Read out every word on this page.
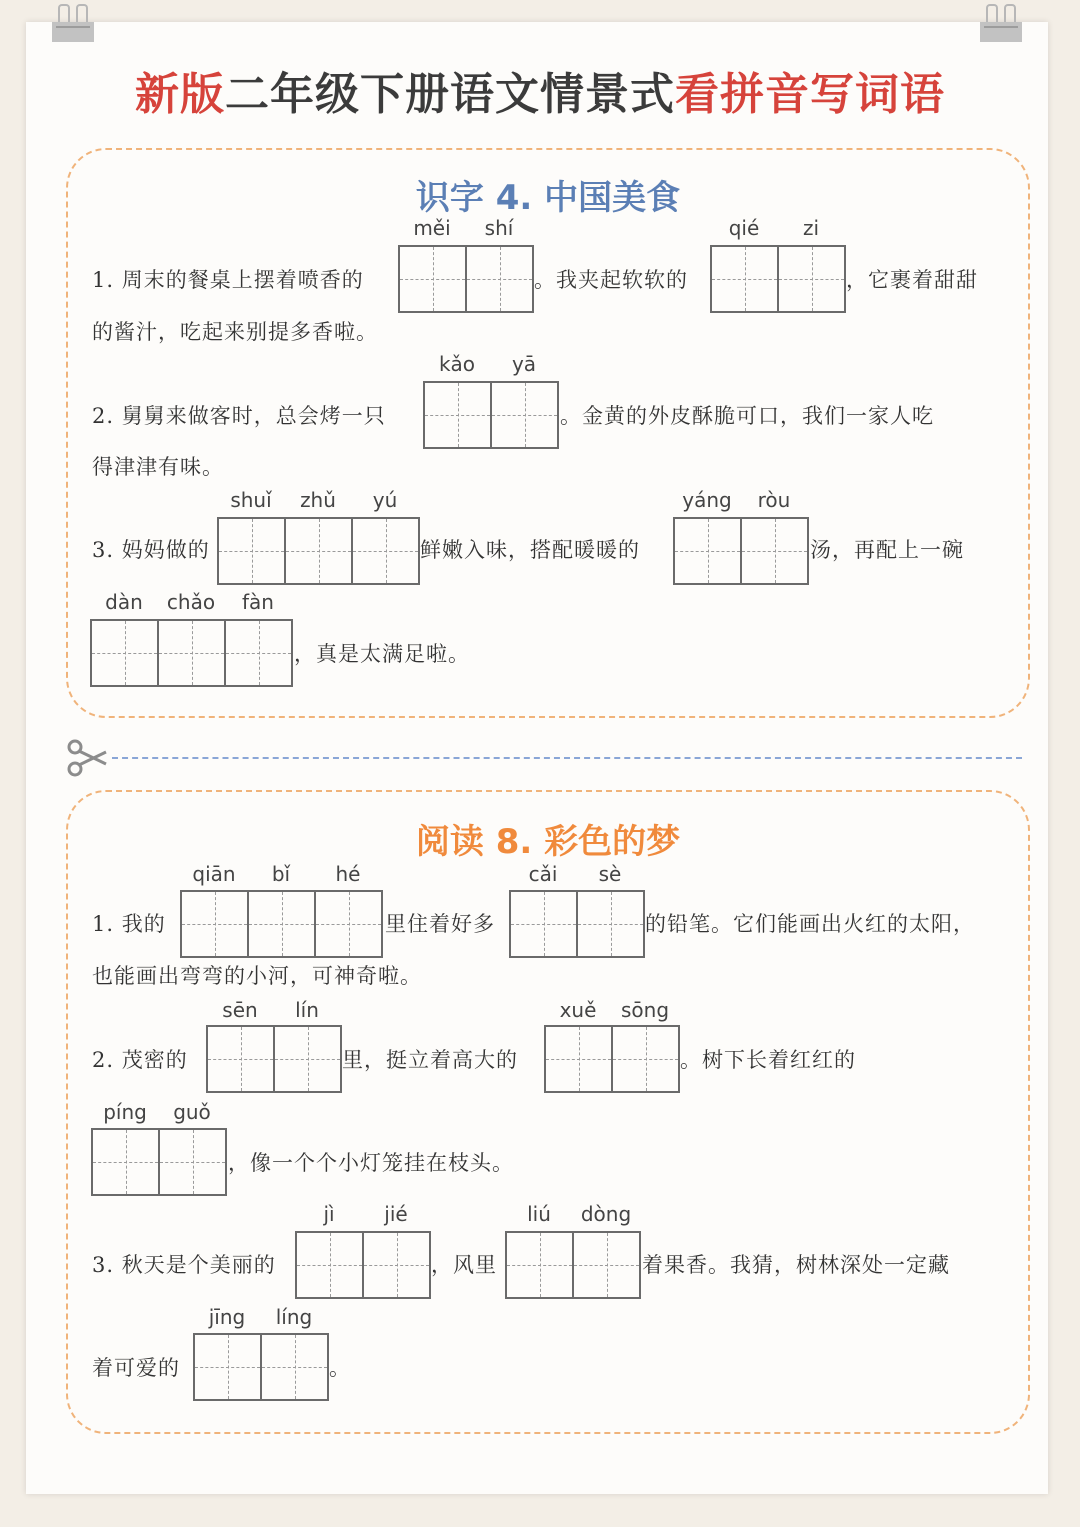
新版二年级下册语文情景式看拼音写词语
识字 4. 中国美食
měi	shí
1. 周末的餐桌上摆着喷香的	。我夹起软软的
qié	zi
，它裹着甜甜
的酱汁，吃起来别提多香啦。
kǎo	yā
2. 舅舅来做客时，总会烤一只	。金黄的外皮酥脆可口，我们一家人吃
得津津有味。
shuǐ	zhǔ	yú
3. 妈妈做的	鲜嫩入味，搭配暖暖的
yáng	ròu
汤，再配上一碗
dàn	chǎo	fàn
，真是太满足啦。
阅读 8. 彩色的梦
qiān	bǐ	hé
1. 我的	里住着好多
cǎi	sè
的铅笔。它们能画出火红的太阳，
也能画出弯弯的小河，可神奇啦。
sēn	lín
2. 茂密的	里，挺立着高大的
xuě	sōng
。树下长着红红的
píng	guǒ
，像一个个小灯笼挂在枝头。
jì	jié
3. 秋天是个美丽的	，风里
liú	dòng
着果香。我猜，树林深处一定藏
着可爱的
jīng	líng
。
